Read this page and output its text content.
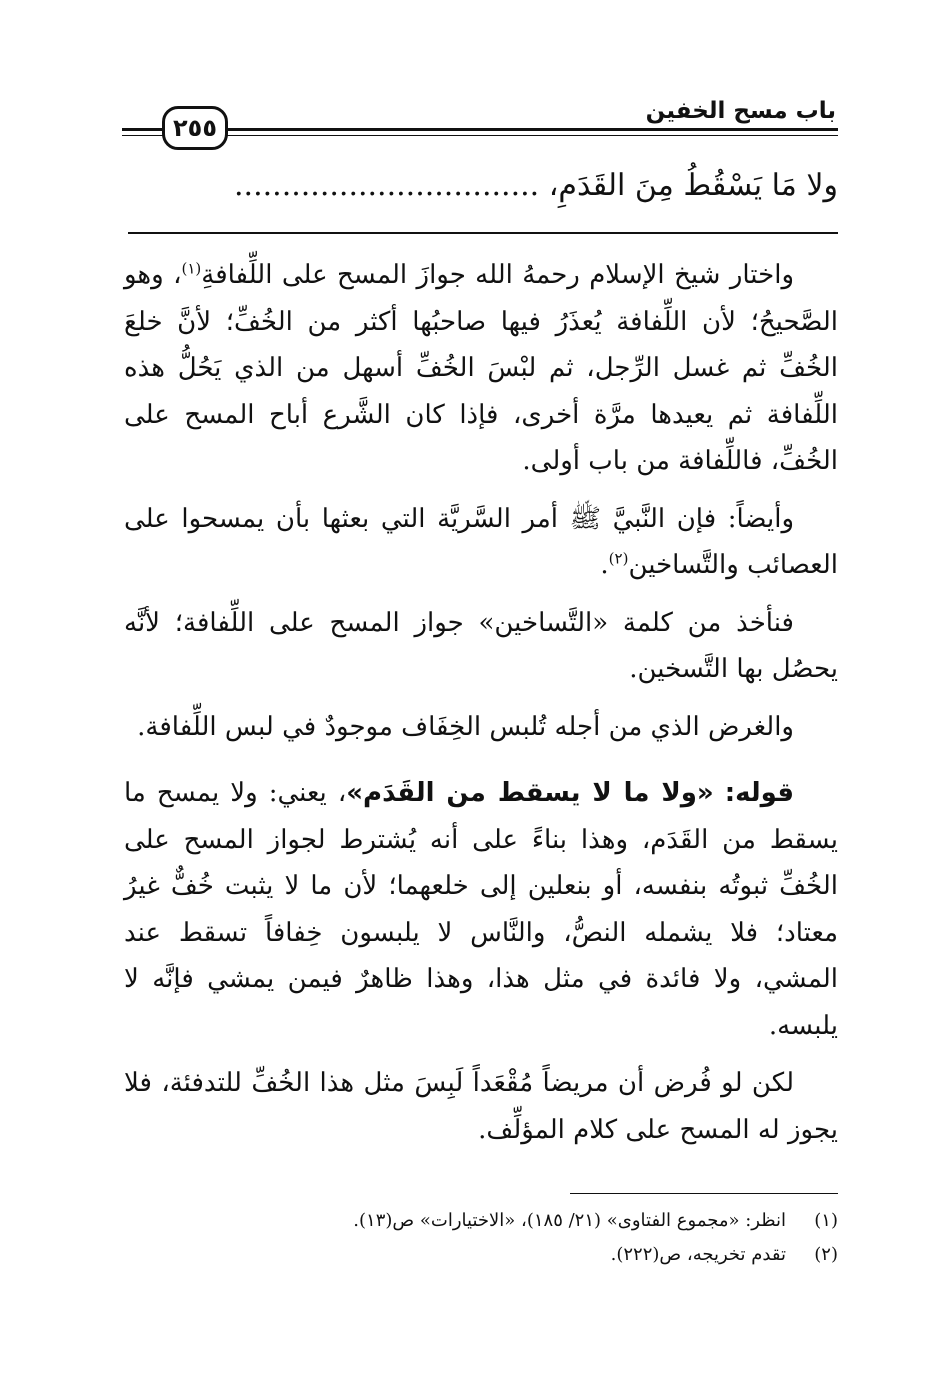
باب مسح الخفين
٢٥٥
ولا مَا يَسْقُطُ مِنَ القَدَمِ، ................................

واختار شيخ الإسلام رحمهُ الله جوازَ المسح على اللِّفافةِ$^{(١)}$، وهو الصَّحيحُ؛ لأن اللِّفافة يُعذَرُ فيها صاحبُها أكثر من الخُفِّ؛ لأنَّ خلعَ الخُفِّ ثم غسل الرِّجل، ثم لبْسَ الخُفِّ أسهل من الذي يَحُلُّ هذه اللِّفافة ثم يعيدها مرَّة أخرى، فإذا كان الشَّرع أباح المسح على الخُفِّ، فاللِّفافة من باب أولى.

وأيضاً: فإن النَّبيَّ ﷺ أمر السَّريَّة التي بعثها بأن يمسحوا على العصائب والتَّساخين$^{(٢)}$.

فنأخذ من كلمة «التَّساخين» جواز المسح على اللِّفافة؛ لأنَّه يحصُل بها التَّسخين.

والغرض الذي من أجله تُلبس الخِفَاف موجودٌ في لبس اللِّفافة.

قوله: «ولا ما لا يسقط من القَدَم»، يعني: ولا يمسح ما يسقط من القَدَم، وهذا بناءً على أنه يُشترط لجواز المسح على الخُفِّ ثبوتُه بنفسه، أو بنعلين إلى خلعهما؛ لأن ما لا يثبت خُفٌّ غيرُ معتاد؛ فلا يشمله النصُّ، والنَّاس لا يلبسون خِفافاً تسقط عند المشي، ولا فائدة في مثل هذا، وهذا ظاهرٌ فيمن يمشي فإنَّه لا يلبسه.

لكن لو فُرض أن مريضاً مُقْعَداً لَبِسَ مثل هذا الخُفِّ للتدفئة، فلا يجوز له المسح على كلام المؤلِّف.

(١)
انظر: «مجموع الفتاوى» (٢١/ ١٨٥)، «الاختيارات» ص(١٣).
(٢)
تقدم تخريجه، ص(٢٢٢).
